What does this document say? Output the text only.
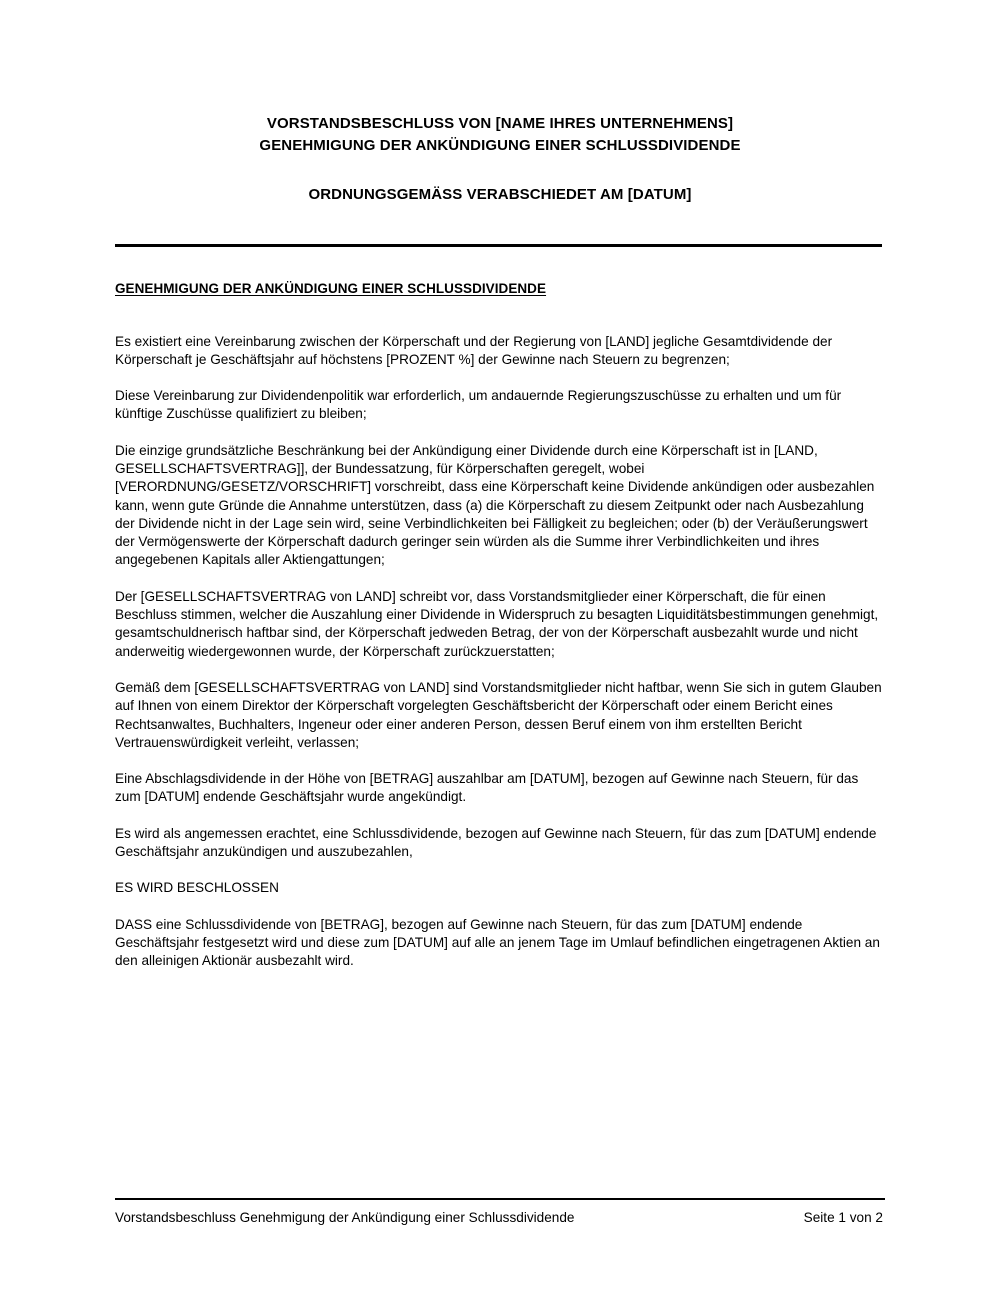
VORSTANDSBESCHLUSS VON [NAME IHRES UNTERNEHMENS]
GENEHMIGUNG DER ANKÜNDIGUNG EINER SCHLUSSDIVIDENDE
ORDNUNGSGEMÄSS VERABSCHIEDET AM [DATUM]
GENEHMIGUNG DER ANKÜNDIGUNG EINER SCHLUSSDIVIDENDE

Es existiert eine Vereinbarung zwischen der Körperschaft und der Regierung von [LAND] jegliche Gesamtdividende der Körperschaft je Geschäftsjahr auf höchstens [PROZENT %] der Gewinne nach Steuern zu begrenzen;

Diese Vereinbarung zur Dividendenpolitik war erforderlich, um andauernde Regierungszuschüsse zu erhalten und um für künftige Zuschüsse qualifiziert zu bleiben;

Die einzige grundsätzliche Beschränkung bei der Ankündigung einer Dividende durch eine Körperschaft ist in [LAND, GESELLSCHAFTSVERTRAG]], der Bundessatzung, für Körperschaften geregelt, wobei [VERORDNUNG/GESETZ/VORSCHRIFT] vorschreibt, dass eine Körperschaft keine Dividende ankündigen oder ausbezahlen kann, wenn gute Gründe die Annahme unterstützen, dass (a) die Körperschaft zu diesem Zeitpunkt oder nach Ausbezahlung der Dividende nicht in der Lage sein wird, seine Verbindlichkeiten bei Fälligkeit zu begleichen; oder (b) der Veräußerungswert der Vermögenswerte der Körperschaft dadurch geringer sein würden als die Summe ihrer Verbindlichkeiten und ihres angegebenen Kapitals aller Aktiengattungen;

Der [GESELLSCHAFTSVERTRAG von LAND] schreibt vor, dass Vorstandsmitglieder einer Körperschaft, die für einen Beschluss stimmen, welcher die Auszahlung einer Dividende in Widerspruch zu besagten Liquiditätsbestimmungen genehmigt, gesamtschuldnerisch haftbar sind, der Körperschaft jedweden Betrag, der von der Körperschaft ausbezahlt wurde und nicht anderweitig wiedergewonnen wurde, der Körperschaft zurückzuerstatten;

Gemäß dem [GESELLSCHAFTSVERTRAG von LAND] sind Vorstandsmitglieder nicht haftbar, wenn Sie sich in gutem Glauben auf Ihnen von einem Direktor der Körperschaft vorgelegten Geschäftsbericht der Körperschaft oder einem Bericht eines Rechtsanwaltes, Buchhalters, Ingeneur oder einer anderen Person, dessen Beruf einem von ihm erstellten Bericht Vertrauenswürdigkeit verleiht, verlassen;

Eine Abschlagsdividende in der Höhe von [BETRAG] auszahlbar am [DATUM], bezogen auf Gewinne nach Steuern, für das zum [DATUM] endende Geschäftsjahr wurde angekündigt.

Es wird als angemessen erachtet, eine Schlussdividende, bezogen auf Gewinne nach Steuern, für das zum [DATUM] endende Geschäftsjahr anzukündigen und auszubezahlen,

ES WIRD BESCHLOSSEN

DASS eine Schlussdividende von [BETRAG], bezogen auf Gewinne nach Steuern, für das zum [DATUM] endende Geschäftsjahr festgesetzt wird und diese zum [DATUM] auf alle an jenem Tage im Umlauf befindlichen eingetragenen Aktien an den alleinigen Aktionär ausbezahlt wird.

Vorstandsbeschluss Genehmigung der Ankündigung einer Schlussdividende	Seite 1 von 2
